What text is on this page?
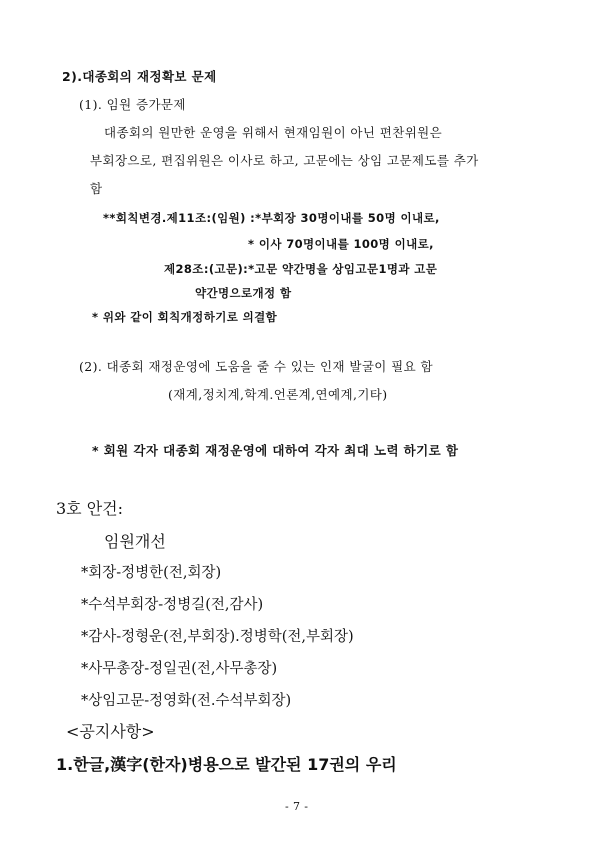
2).대종회의 재정확보 문제
(1). 임원 증가문제
대종회의 원만한 운영을 위해서 현재임원이 아닌 편찬위원은
부회장으로, 편집위원은 이사로 하고, 고문에는 상임 고문제도를 추가
함
**회칙변경.제11조:(임원) :*부회장 30명이내를 50명 이내로,
* 이사 70명이내를 100명 이내로,
제28조:(고문):*고문 약간명을 상임고문1명과 고문
약간명으로개정 함
* 위와 같이 회칙개정하기로 의결함
(2). 대종회 재정운영에 도움을 줄 수 있는 인재 발굴이 필요 함
(재계,정치계,학계.언론계,연예계,기타)
* 회원 각자 대종회 재정운영에 대하여 각자 최대 노력 하기로 함
3호 안건:
임원개선
*회장-정병한(전,회장)
*수석부회장-정병길(전,감사)
*감사-정형운(전,부회장).정병학(전,부회장)
*사무총장-정일권(전,사무총장)
*상임고문-정영화(전.수석부회장)
<공지사항>
1.한글,漢字(한자)병용으로 발간된 17권의 우리
- 7 -
